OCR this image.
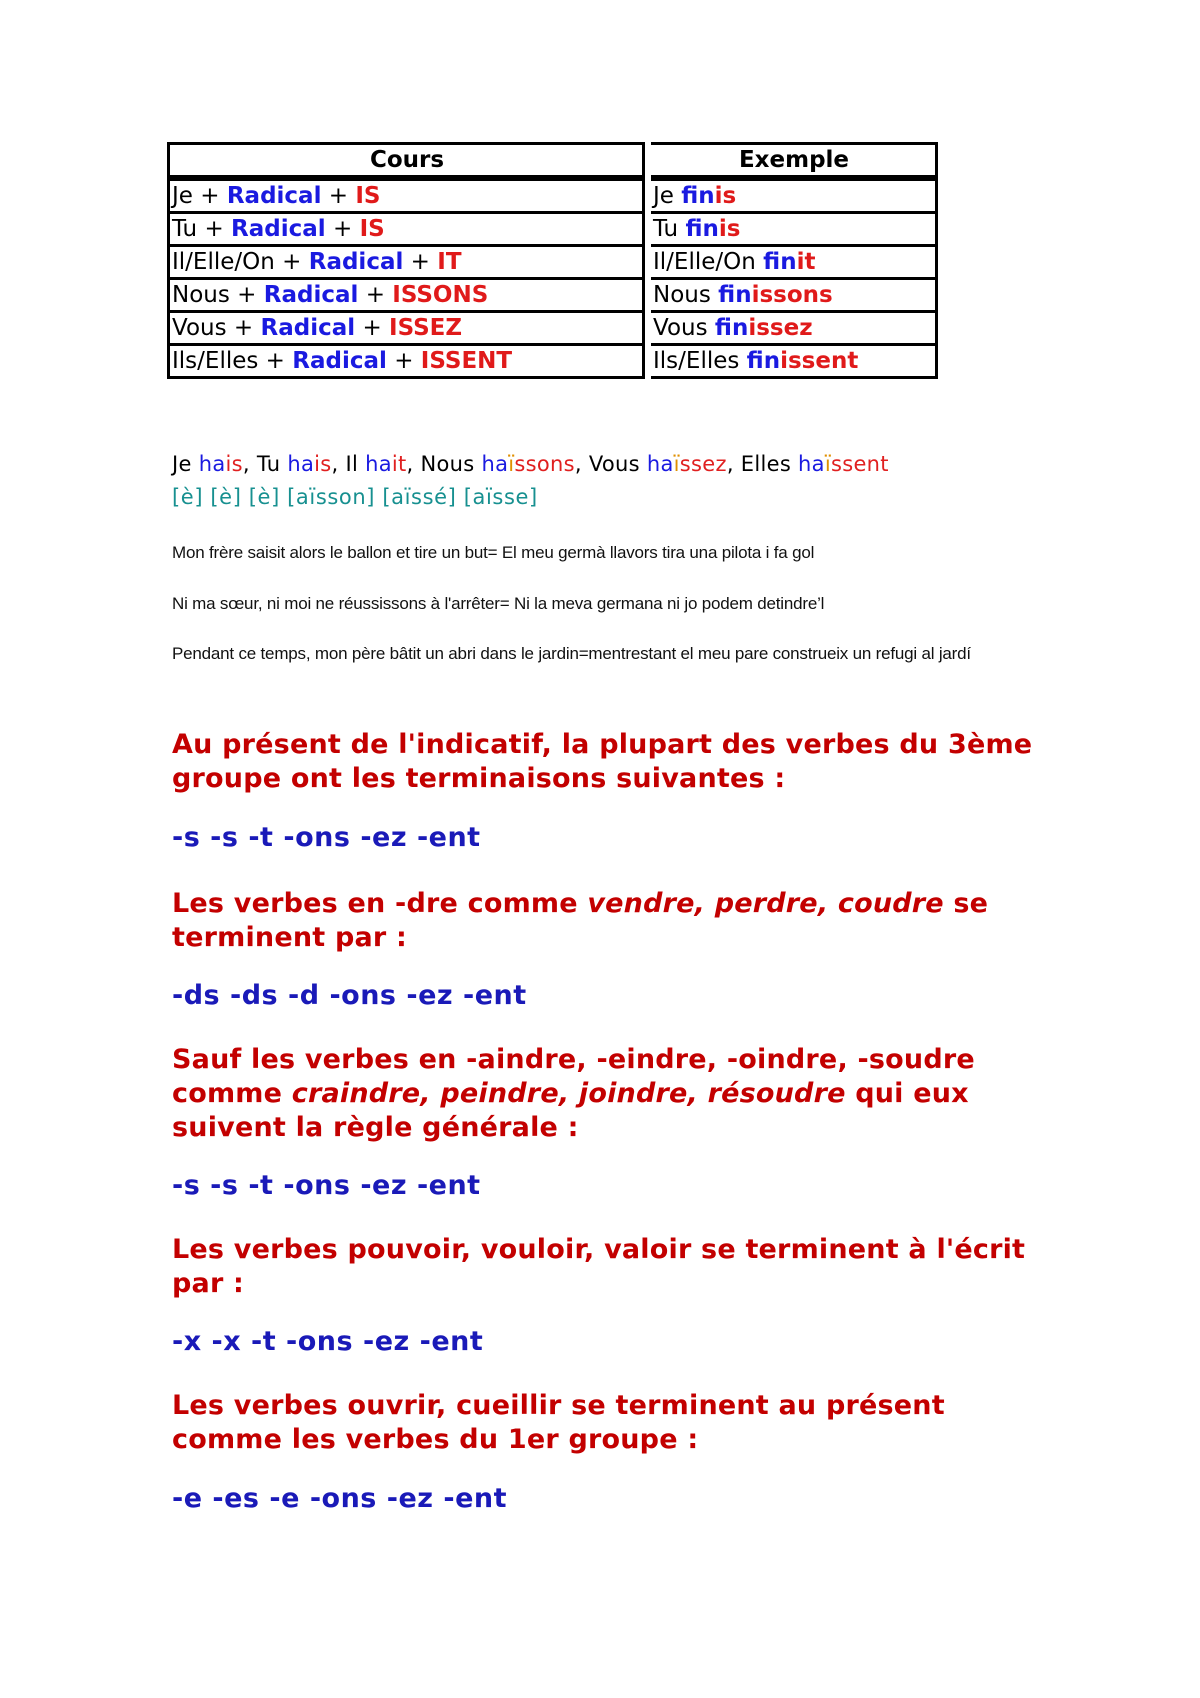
Cours		Exemple
Je + Radical + IS		Je finis
Tu + Radical + IS		Tu finis
Il/Elle/On + Radical + IT		Il/Elle/On finit
Nous + Radical + ISSONS		Nous finissons
Vous + Radical + ISSEZ		Vous finissez
Ils/Elles + Radical + ISSENT		Ils/Elles finissent
Je hais, Tu hais, Il hait, Nous haïssons, Vous haïssez, Elles haïssent
[è] [è] [è] [aïsson] [aïssé] [aïsse]
Mon frère saisit alors le ballon et tire un but= El meu germà llavors tira una pilota i fa gol
Ni ma sœur, ni moi ne réussissons à l'arrêter= Ni la meva germana ni jo podem detindre’l
Pendant ce temps, mon père bâtit un abri dans le jardin=mentrestant el meu pare construeix un refugi al jardí
Au présent de l'indicatif, la plupart des verbes du 3ème groupe ont les terminaisons suivantes :
-s -s -t -ons -ez -ent
Les verbes en -dre comme vendre, perdre, coudre se terminent par :
-ds -ds -d -ons -ez -ent
Sauf les verbes en -aindre, -eindre, -oindre, -soudre comme craindre, peindre, joindre, résoudre qui eux suivent la règle générale :
-s -s -t -ons -ez -ent
Les verbes pouvoir, vouloir, valoir se terminent à l'écrit par :
-x -x -t -ons -ez -ent
Les verbes ouvrir, cueillir se terminent au présent comme les verbes du 1er groupe :
-e -es -e -ons -ez -ent
